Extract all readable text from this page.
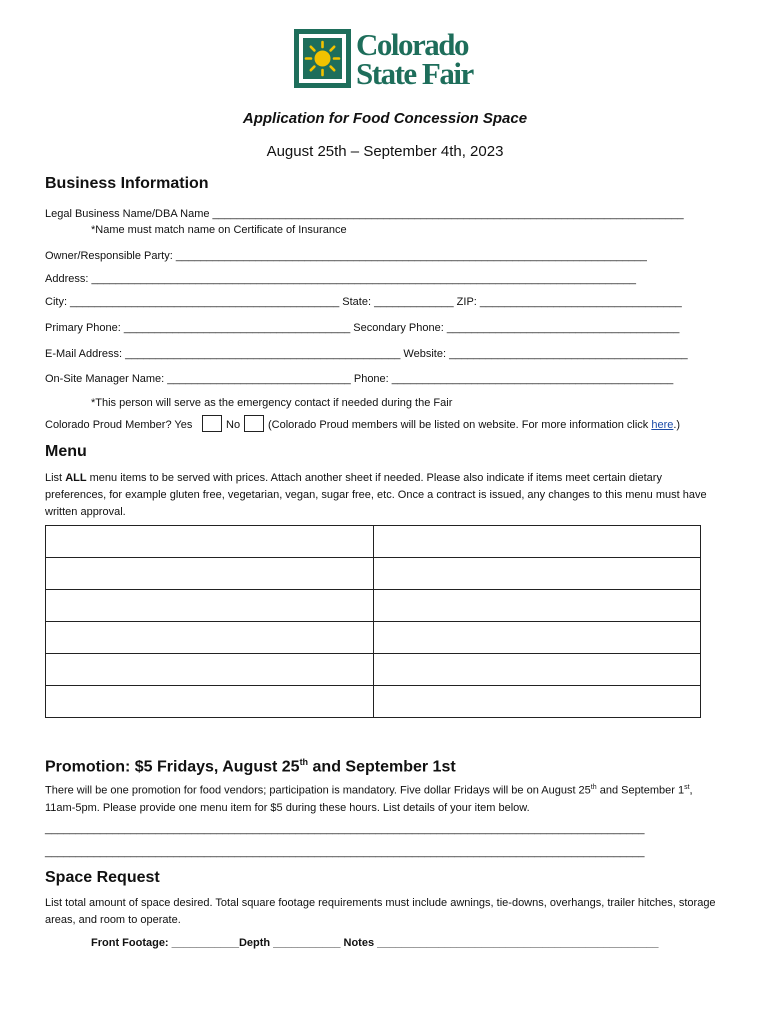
Colorado
State Fair
Application for Food Concession Space
August 25th – September 4th, 2023
Business Information
Legal Business Name/DBA Name _____________________________________________________________________________
*Name must match name on Certificate of Insurance
Owner/Responsible Party: _____________________________________________________________________________
Address: _________________________________________________________________________________________
City: ____________________________________________ State: _____________ ZIP: _________________________________
Primary Phone: _____________________________________ Secondary Phone: ______________________________________
E-Mail Address: _____________________________________________ Website: _______________________________________
On-Site Manager Name: ______________________________ Phone: ______________________________________________
*This person will serve as the emergency contact if needed during the Fair
Colorado Proud Member? Yes	No	(Colorado Proud members will be listed on website. For more information click here.)
Menu
List ALL menu items to be served with prices. Attach another sheet if needed. Please also indicate if items meet certain dietary preferences, for example gluten free, vegetarian, vegan, sugar free, etc. Once a contract is issued, any changes to this menu must have written approval.

Promotion: $5 Fridays, August 25th and September 1st
There will be one promotion for food vendors; participation is mandatory. Five dollar Fridays will be on August 25th and September 1st, 11am-5pm. Please provide one menu item for $5 during these hours. List details of your item below.
__________________________________________________________________________________________________
__________________________________________________________________________________________________
Space Request
List total amount of space desired. Total square footage requirements must include awnings, tie-downs, overhangs, trailer hitches, storage areas, and room to operate.
Front Footage: ___________Depth ___________ Notes ______________________________________________
